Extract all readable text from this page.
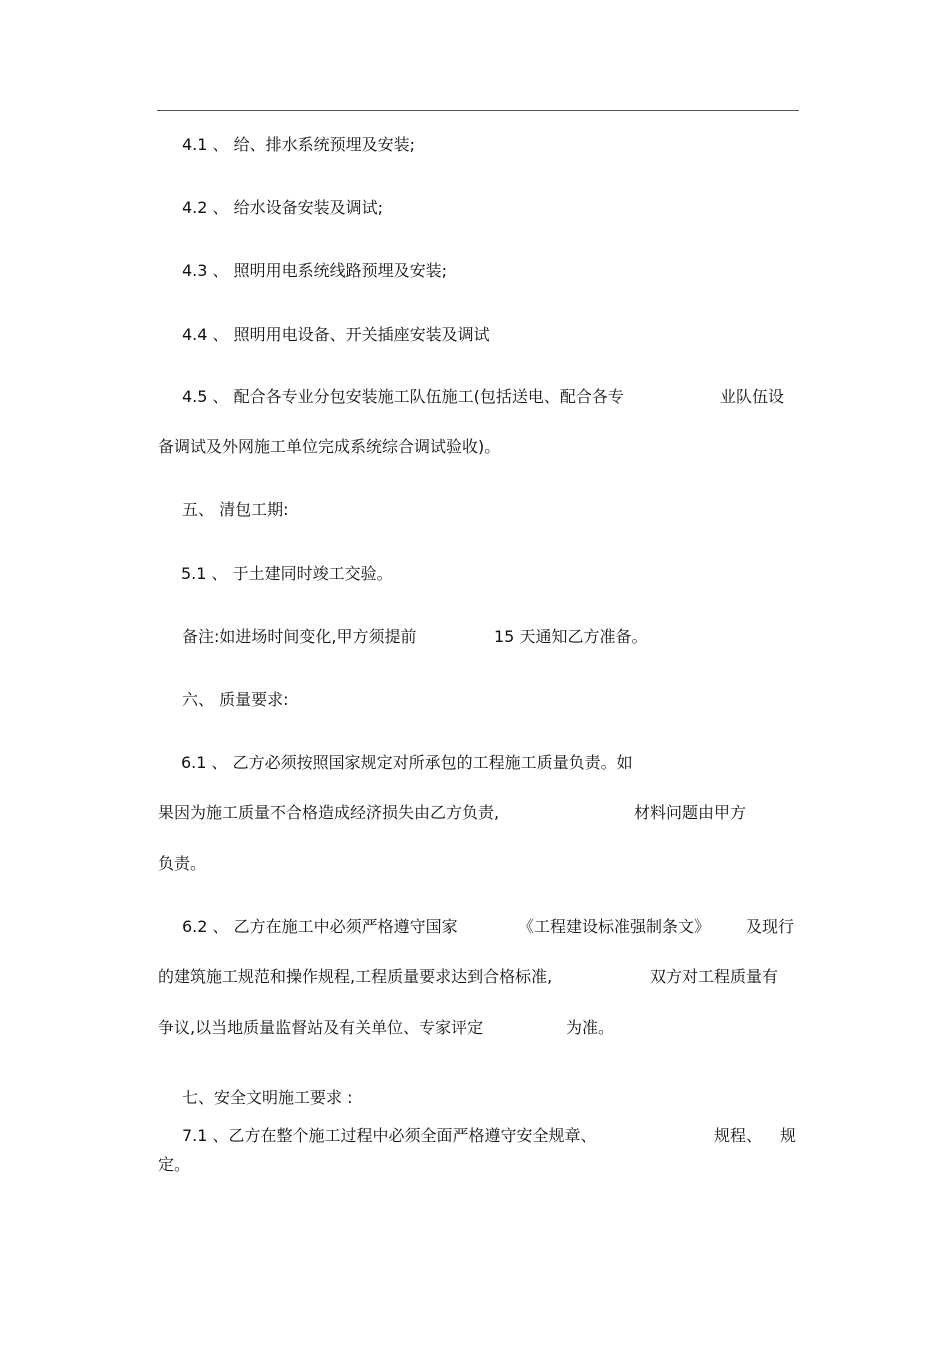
4.1 、 给、排水系统预埋及安装;

4.2 、 给水设备安装及调试;

4.3 、 照明用电系统线路预埋及安装;

4.4 、 照明用电设备、开关插座安装及调试

4.5 、 配合各专业分包安装施工队伍施工(包括送电、配合各专	业队伍设

备调试及外网施工单位完成系统综合调试验收)。

五、 清包工期:

5.1 、 于土建同时竣工交验。

备注:如进场时间变化,甲方须提前	15 天通知乙方准备。

六、 质量要求:

6.1 、 乙方必须按照国家规定对所承包的工程施工质量负责。如

果因为施工质量不合格造成经济损失由乙方负责,	材料问题由甲方

负责。

6.2 、 乙方在施工中必须严格遵守国家	《工程建设标准强制条文》 及现行

的建筑施工规范和操作规程,工程质量要求达到合格标准,	双方对工程质量有

争议,以当地质量监督站及有关单位、专家评定	为准。

七、安全文明施工要求 :

7.1 、乙方在整个施工过程中必须全面严格遵守安全规章、	规程、 规

定。
